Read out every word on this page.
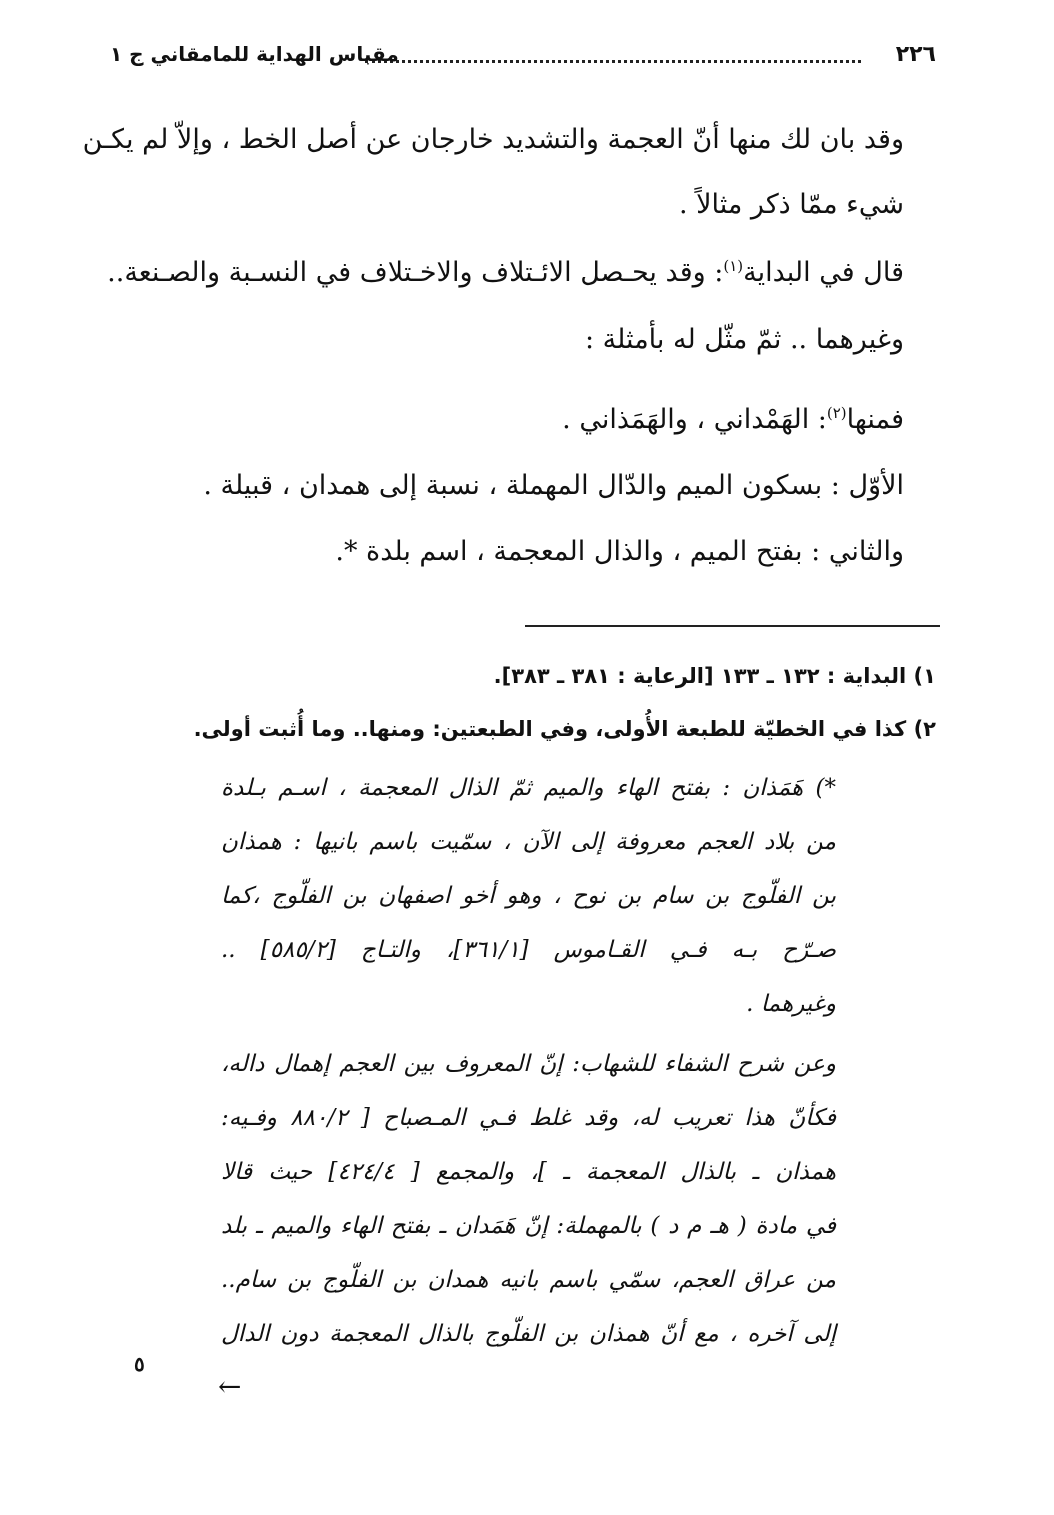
٢٢٦
مقباس الهداية للمامقاني ج ١
وقد بان لك منها أنّ العجمة والتشديد خارجان عن أصل الخط ، وإلاّ لم يكـن
شيء ممّا ذكر مثالاً .
قال في البداية$^{(١)}$: وقد يحـصل الائـتلاف والاخـتلاف في النسـبة والصـنعة..
وغيرهما .. ثمّ مثّل له بأمثلة :
فمنها$^{(٢)}$: الهَمْداني ، والهَمَذاني .
الأوّل : بسكون الميم والدّال المهملة ، نسبة إلى همدان ، قبيلة .
والثاني : بفتح الميم ، والذال المعجمة ، اسم بلدة *.
١) البداية : ١٣٢ ـ ١٣٣ [الرعاية : ٣٨١ ـ ٣٨٣].
٢) كذا في الخطيّة للطبعة الأُولى، وفي الطبعتين: ومنها.. وما أُثبت أولى.
*) هَمَذان : بفتح الهاء والميم ثمّ الذال المعجمة ، اسـم بـلدة
من بلاد العجم معروفة إلى الآن ، سمّيت باسم بانيها : همذان
بن الفلّوج بن سام بن نوح ، وهو أخو اصفهان بن الفلّوج ،كما
صـرّح بـه فـي القـاموس [٣٦١/١]، والتـاج [٥٨٥/٢] ..
وغيرهما .
وعن شرح الشفاء للشهاب: إنّ المعروف بين العجم إهمال داله،
فكأنّ هذا تعريب له، وقد غلط فـي المـصباح [ ٨٨٠/٢ وفـيه:
همذان ـ بالذال المعجمة ـ ]، والمجمع [ ٤٢٤/٤] حيث قالا
في مادة ( هـ م د ) بالمهملة: إنّ هَمَدان ـ بفتح الهاء والميم ـ بلد
من عراق العجم، سمّي باسم بانيه همدان بن الفلّوج بن سام..
إلى آخره ، مع أنّ همذان بن الفلّوج بالذال المعجمة دون الدال
٥
←
